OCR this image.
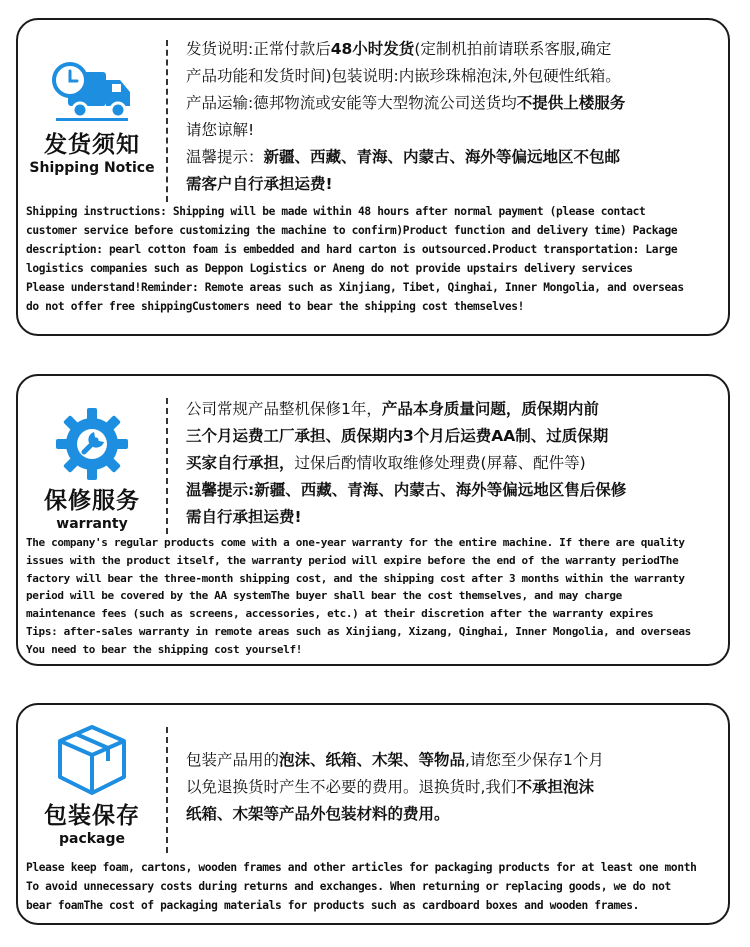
发货须知
Shipping Notice

发货说明:正常付款后48小时发货(定制机拍前请联系客服,确定

产品功能和发货时间)包装说明:内嵌珍珠棉泡沫,外包硬性纸箱。

产品运输:德邦物流或安能等大型物流公司送货均不提供上楼服务

请您谅解!

温馨提示：新疆、西藏、青海、内蒙古、海外等偏远地区不包邮

需客户自行承担运费!

Shipping instructions: Shipping will be made within 48 hours after normal payment (please contact

customer service before customizing the machine to confirm)Product function and delivery time) Package

description: pearl cotton foam is embedded and hard carton is outsourced.Product transportation: Large

logistics companies such as Deppon Logistics or Aneng do not provide upstairs delivery services

Please understand!Reminder: Remote areas such as Xinjiang, Tibet, Qinghai, Inner Mongolia, and overseas

do not offer free shippingCustomers need to bear the shipping cost themselves!

保修服务
warranty

公司常规产品整机保修1年，产品本身质量问题，质保期内前

三个月运费工厂承担、质保期内3个月后运费AA制、过质保期

买家自行承担，过保后酌情收取维修处理费(屏幕、配件等)

温馨提示:新疆、西藏、青海、内蒙古、海外等偏远地区售后保修

需自行承担运费!

The company's regular products come with a one-year warranty for the entire machine. If there are quality

issues with the product itself, the warranty period will expire before the end of the warranty periodThe

factory will bear the three-month shipping cost, and the shipping cost after 3 months within the warranty

period will be covered by the AA systemThe buyer shall bear the cost themselves, and may charge

maintenance fees (such as screens, accessories, etc.) at their discretion after the warranty expires

Tips: after-sales warranty in remote areas such as Xinjiang, Xizang, Qinghai, Inner Mongolia, and overseas

You need to bear the shipping cost yourself!

包装保存
package

包装产品用的泡沫、纸箱、木架、等物品,请您至少保存1个月

以免退换货时产生不必要的费用。退换货时,我们不承担泡沫

纸箱、木架等产品外包装材料的费用。

Please keep foam, cartons, wooden frames and other articles for packaging products for at least one month

To avoid unnecessary costs during returns and exchanges. When returning or replacing goods, we do not

bear foamThe cost of packaging materials for products such as cardboard boxes and wooden frames.
